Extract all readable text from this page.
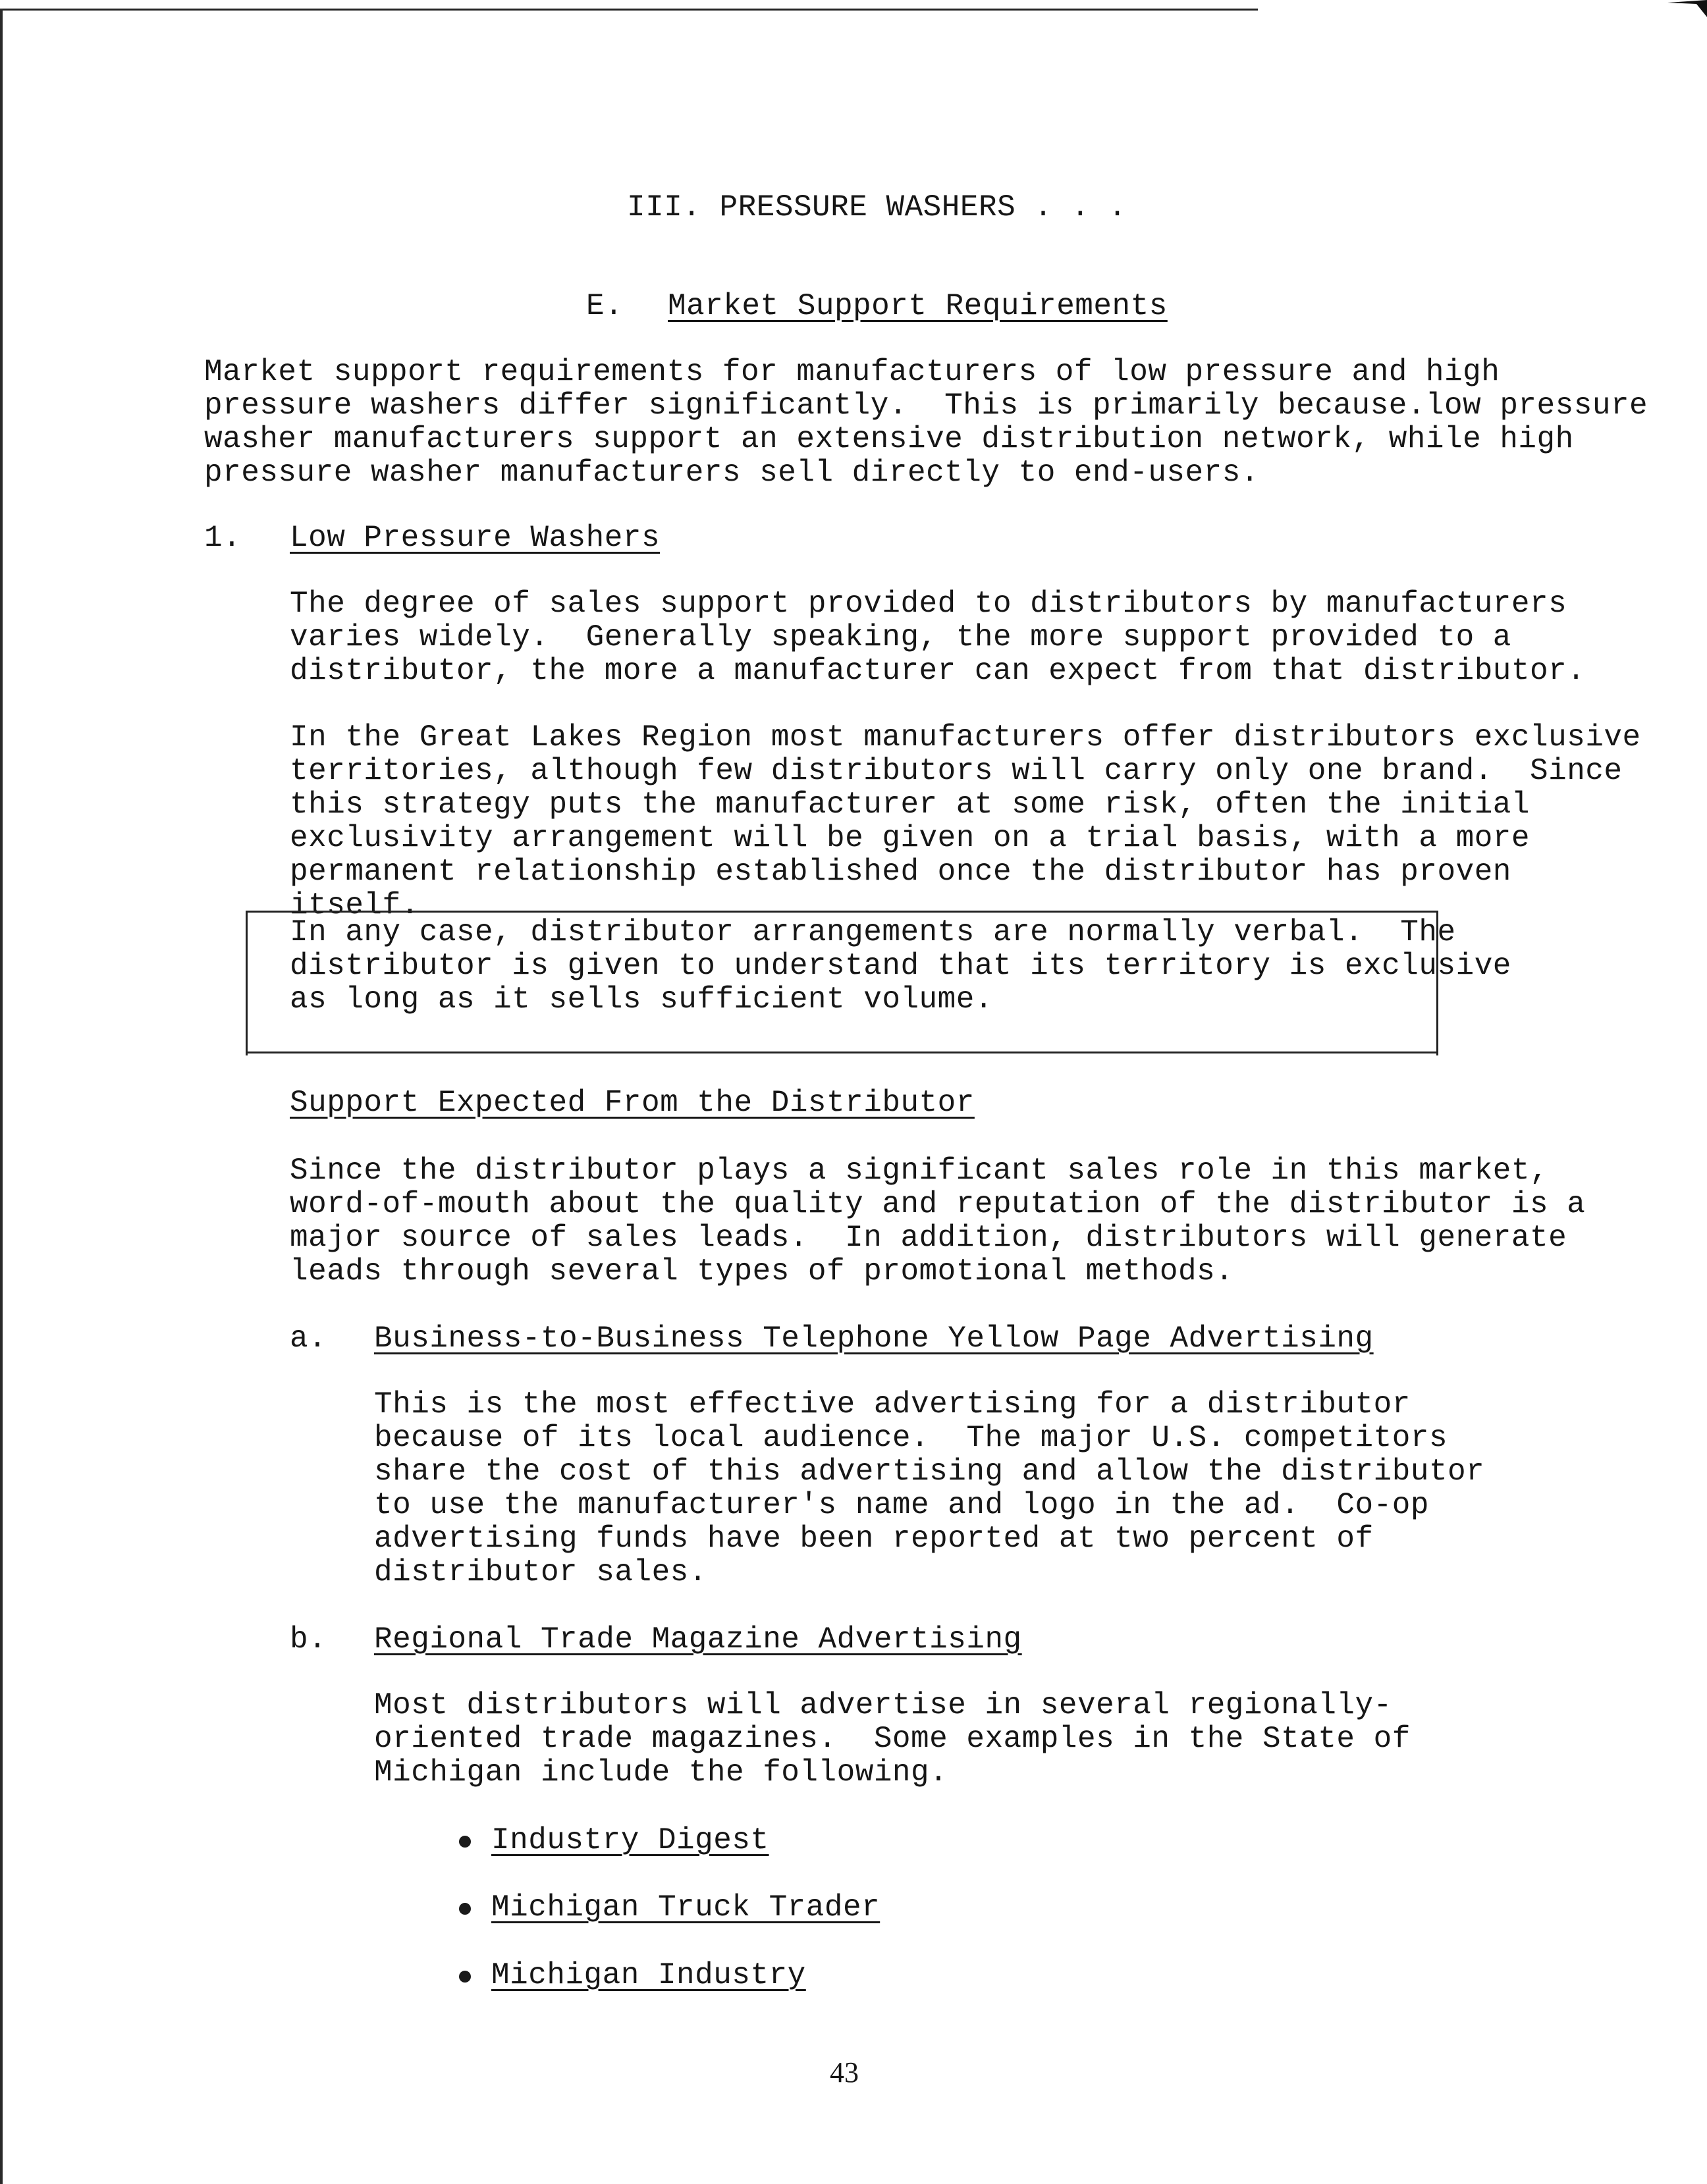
III. PRESSURE WASHERS . . .
E. Market Support Requirements
Market support requirements for manufacturers of low pressure and high
pressure washers differ significantly.  This is primarily because.low pressure
washer manufacturers support an extensive distribution network, while high
pressure washer manufacturers sell directly to end-users.
1. Low Pressure Washers
The degree of sales support provided to distributors by manufacturers
varies widely.  Generally speaking, the more support provided to a
distributor, the more a manufacturer can expect from that distributor.
In the Great Lakes Region most manufacturers offer distributors exclusive
territories, although few distributors will carry only one brand.  Since
this strategy puts the manufacturer at some risk, often the initial
exclusivity arrangement will be given on a trial basis, with a more
permanent relationship established once the distributor has proven
itself.
In any case, distributor arrangements are normally verbal.  The
distributor is given to understand that its territory is exclusive
as long as it sells sufficient volume.
Support Expected From the Distributor
Since the distributor plays a significant sales role in this market,
word-of-mouth about the quality and reputation of the distributor is a
major source of sales leads.  In addition, distributors will generate
leads through several types of promotional methods.
a. Business-to-Business Telephone Yellow Page Advertising
This is the most effective advertising for a distributor
because of its local audience.  The major U.S. competitors
share the cost of this advertising and allow the distributor
to use the manufacturer's name and logo in the ad.  Co-op
advertising funds have been reported at two percent of
distributor sales.
b. Regional Trade Magazine Advertising
Most distributors will advertise in several regionally-
oriented trade magazines.  Some examples in the State of
Michigan include the following.
Industry Digest
Michigan Truck Trader
Michigan Industry
43
